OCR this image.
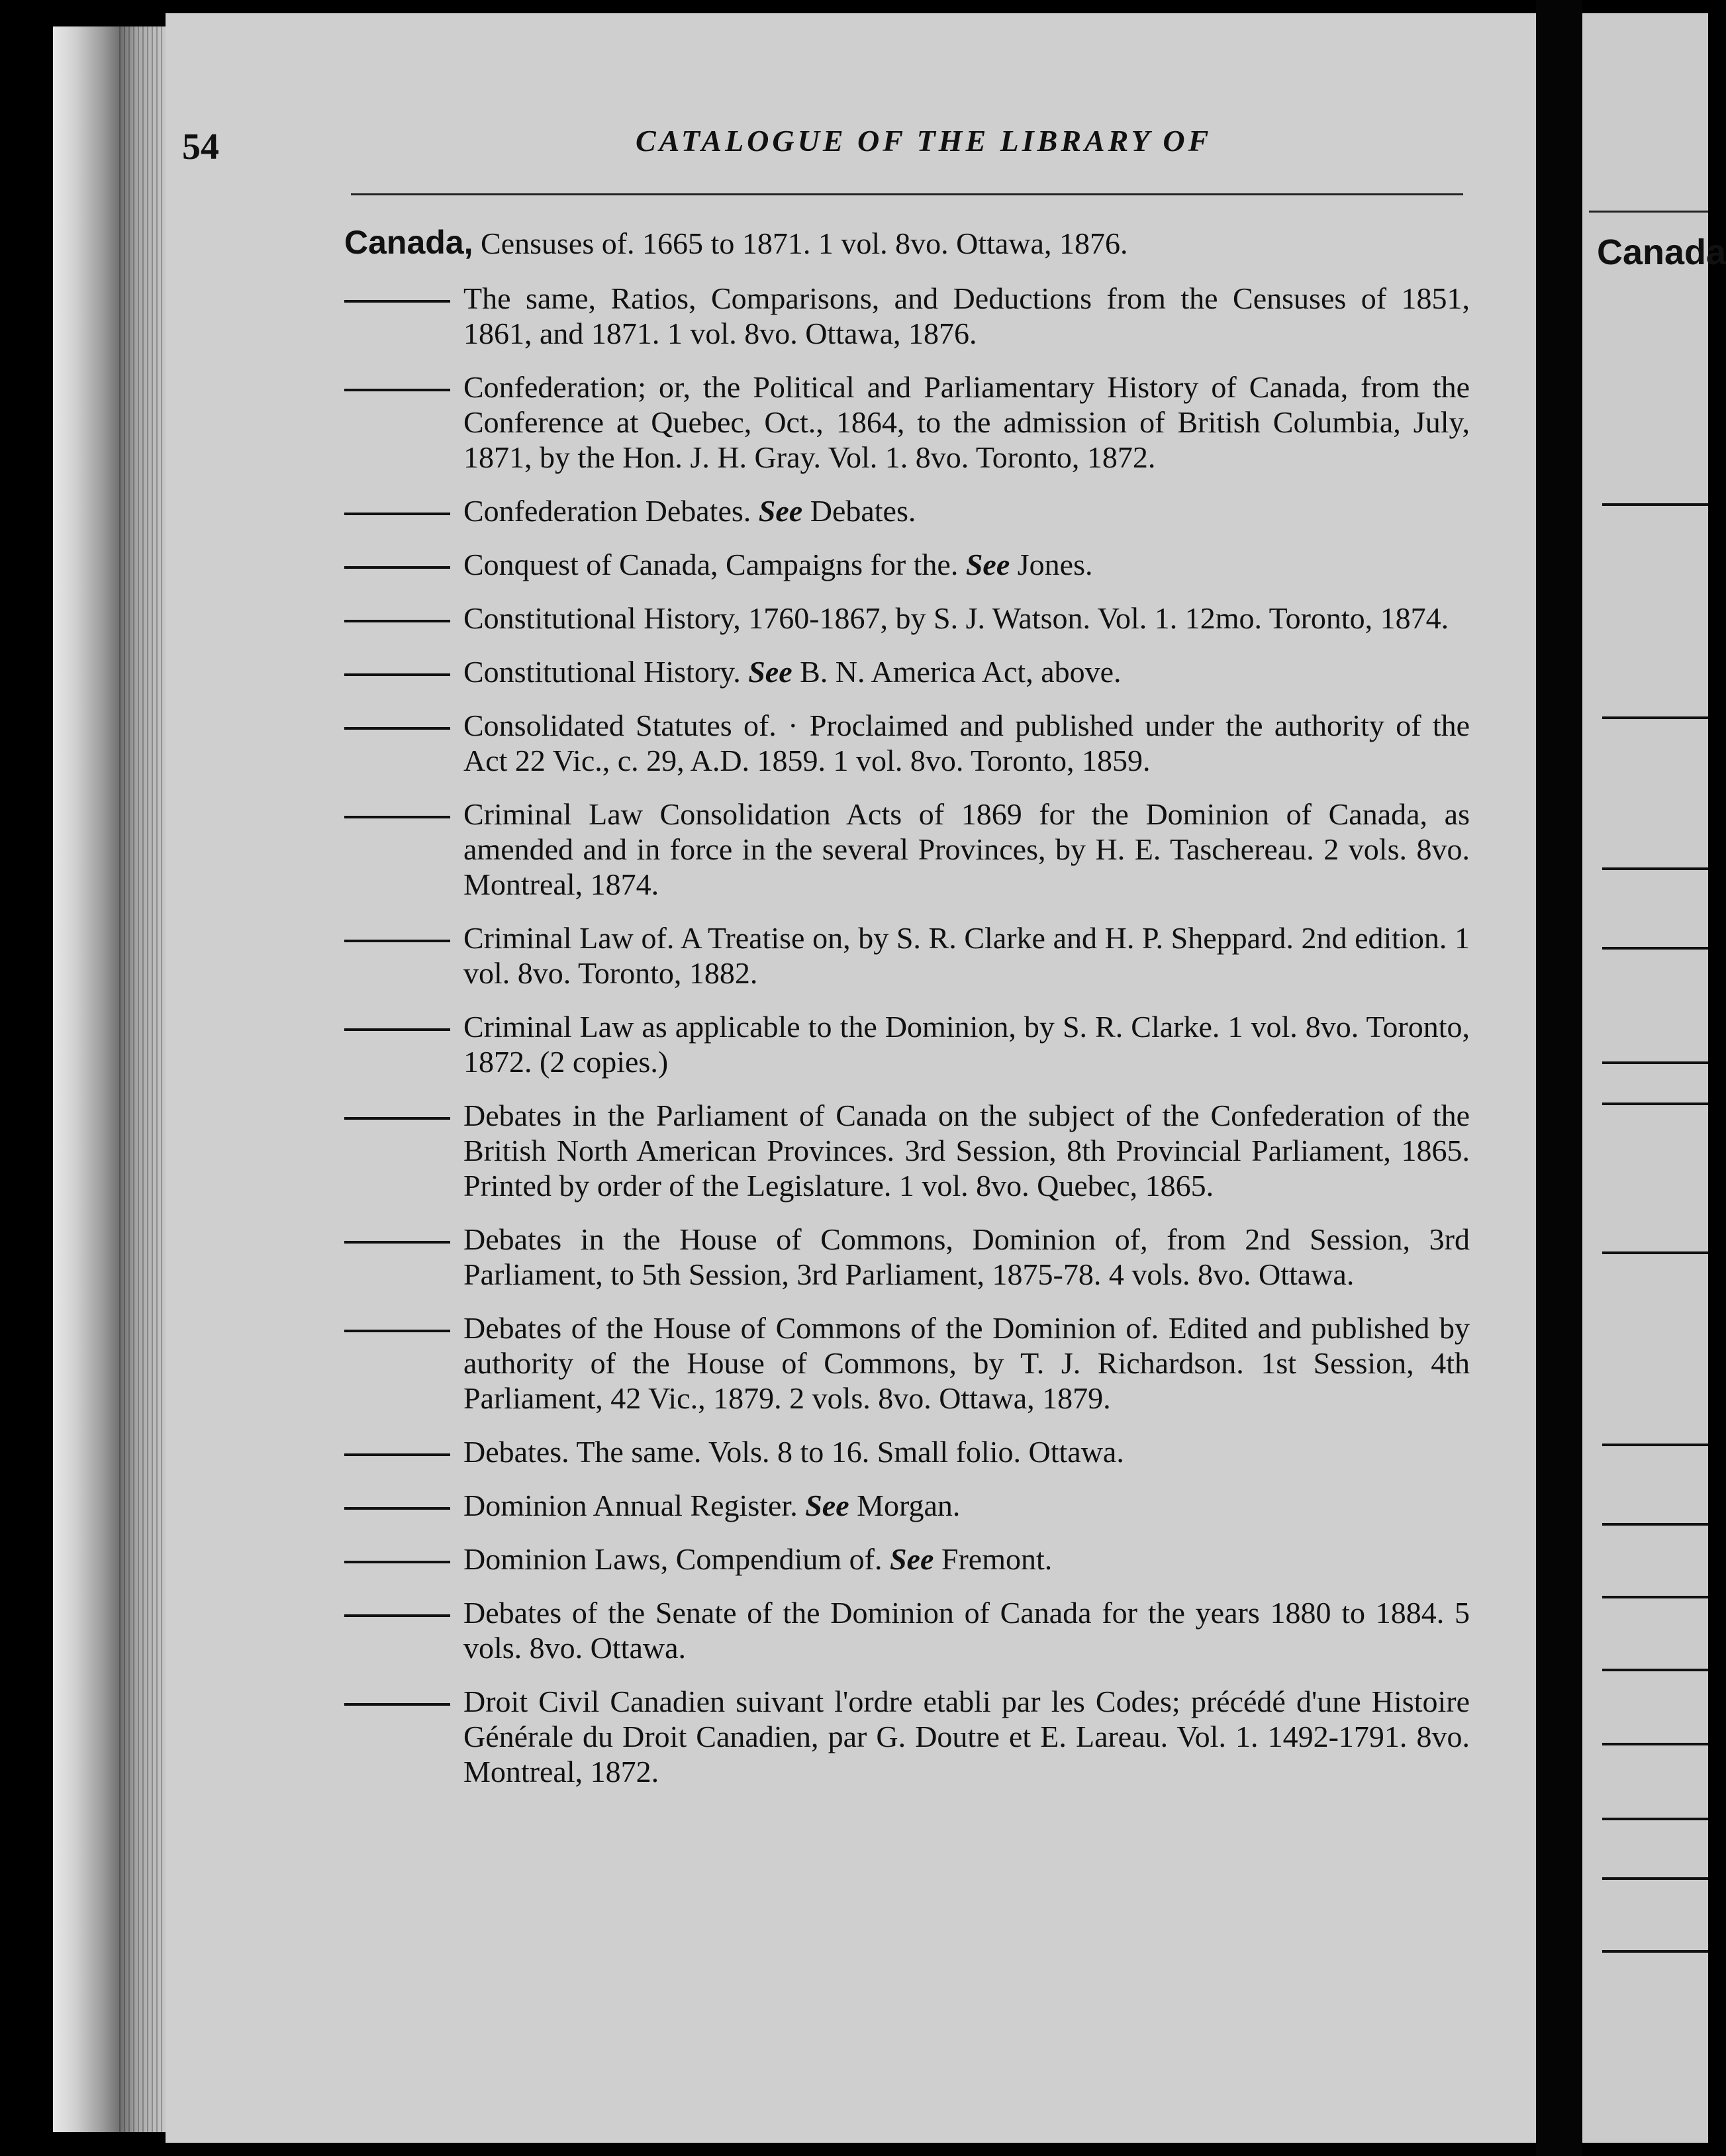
54	CATALOGUE OF THE LIBRARY OF
Canada, Censuses of. 1665 to 1871. 1 vol. 8vo. Ottawa, 1876.
The same, Ratios, Comparisons, and Deductions from the Censuses of 1851, 1861, and 1871. 1 vol. 8vo. Ottawa, 1876.
Confederation; or, the Political and Parliamentary History of Canada, from the Conference at Quebec, Oct., 1864, to the admission of British Columbia, July, 1871, by the Hon. J. H. Gray. Vol. 1. 8vo. Toronto, 1872.
Confederation Debates. See Debates.
Conquest of Canada, Campaigns for the. See Jones.
Constitutional History, 1760-1867, by S. J. Watson. Vol. 1. 12mo. Toronto, 1874.
Constitutional History. See B. N. America Act, above.
Consolidated Statutes of. · Proclaimed and published under the authority of the Act 22 Vic., c. 29, A.D. 1859. 1 vol. 8vo. Toronto, 1859.
Criminal Law Consolidation Acts of 1869 for the Dominion of Canada, as amended and in force in the several Provinces, by H. E. Taschereau. 2 vols. 8vo. Montreal, 1874.
Criminal Law of. A Treatise on, by S. R. Clarke and H. P. Sheppard. 2nd edition. 1 vol. 8vo. Toronto, 1882.
Criminal Law as applicable to the Dominion, by S. R. Clarke. 1 vol. 8vo. Toronto, 1872. (2 copies.)
Debates in the Parliament of Canada on the subject of the Confederation of the British North American Provinces. 3rd Session, 8th Provincial Parliament, 1865. Printed by order of the Legislature. 1 vol. 8vo. Quebec, 1865.
Debates in the House of Commons, Dominion of, from 2nd Session, 3rd Parliament, to 5th Session, 3rd Parliament, 1875-78. 4 vols. 8vo. Ottawa.
Debates of the House of Commons of the Dominion of. Edited and published by authority of the House of Commons, by T. J. Richardson. 1st Session, 4th Parliament, 42 Vic., 1879. 2 vols. 8vo. Ottawa, 1879.
Debates. The same. Vols. 8 to 16. Small folio. Ottawa.
Dominion Annual Register. See Morgan.
Dominion Laws, Compendium of. See Fremont.
Debates of the Senate of the Dominion of Canada for the years 1880 to 1884. 5 vols. 8vo. Ottawa.
Droit Civil Canadien suivant l'ordre etabli par les Codes; précédé d'une Histoire Générale du Droit Canadien, par G. Doutre et E. Lareau. Vol. 1. 1492-1791. 8vo. Montreal, 1872.
Canada
